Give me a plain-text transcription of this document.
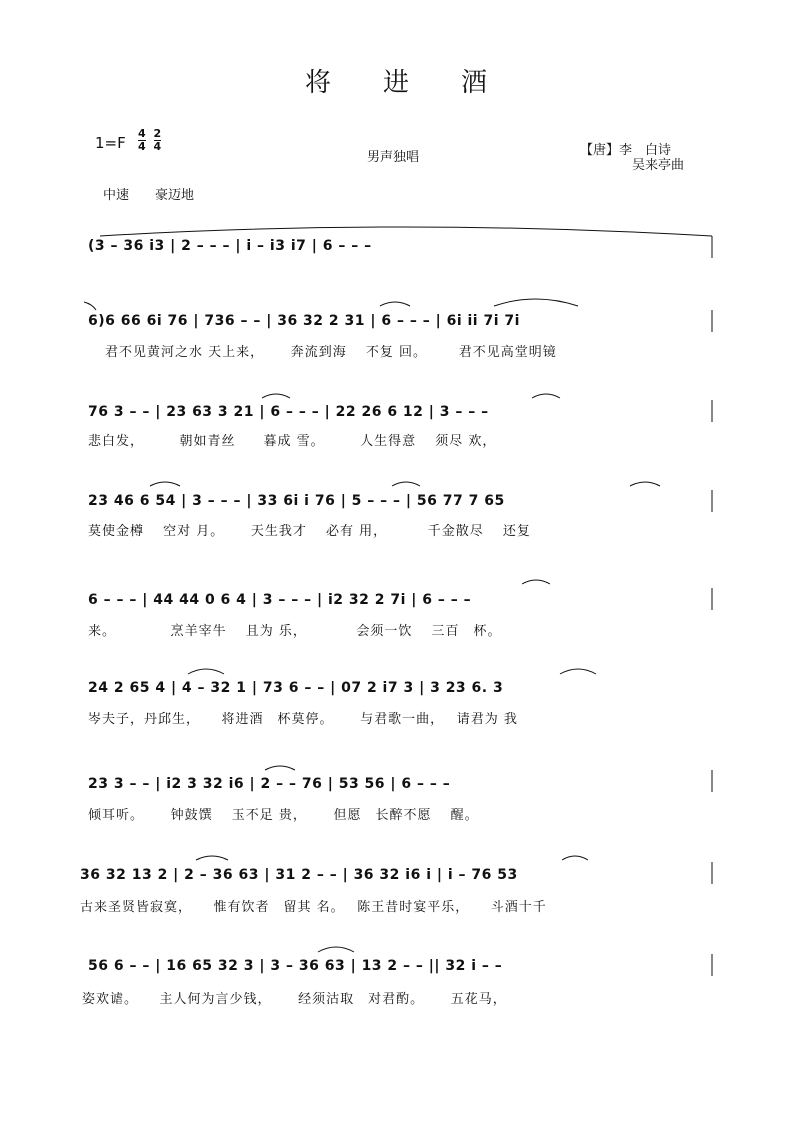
将进酒
$1=F \frac{4}{4}$
$\frac{2}{4}$
男声独唱	【唐】李　白诗
吴来亭曲
中速　　豪迈地
(3 – 36 i3 | 2 – – – | i – i3 i7 | 6 – – –
6)6 66 6i 76 | 736 – – | 36 32 2 31 | 6 – – – | 6i ii 7i 7i
君不见黄河之水 天上来，　　 奔流到海 　不复 回。　 　 君不见高堂明镜
76 3 – – | 23 63 3 21 | 6 – – – | 22 26 6 12 | 3 – – –
悲白发，　　　朝如青丝　　暮成 雪。　　　人生得意　 须尽 欢，
23 46 6 54 | 3 – – – | 33 6i i 76 | 5 – – – | 56 77 7 65
莫使金樽　 空对 月。　　 天生我才　 必有 用，　　　 千金散尽　 还复
6 – – – | 44 44 0 6 4 | 3 – – – | i2 32 2 7i | 6 – – –
来。　　　　 烹羊宰牛 　且为 乐，　　　　会须一饮　 三百　杯。
24 2 65 4 | 4 – 32 1 | 73 6 – – | 07 2 i7 3 | 3 23 6. 3
岑夫子，丹邱生，　　将进酒　杯莫停。　　 与君歌一曲，　 请君为 我
23 3 – – | i2 3 32 i6 | 2 – – 76 | 53 56 | 6 – – –
倾耳听。　　 钟鼓馔　 玉不足 贵，　　 但愿　长醉不愿　 醒。
36 32 13 2 | 2 – 36 63 | 31 2 – – | 36 32 i6 i | i – 76 53
古来圣贤皆寂寞，　　惟有饮者　留其 名。　 陈王昔时宴平乐，　　斗酒十千
56 6 – – | 16 65 32 3 | 3 – 36 63 | 13 2 – – || 32 i – –
姿欢谑。　　主人何为言少钱，　　 经须沽取　对君酌。　　 五花马，
